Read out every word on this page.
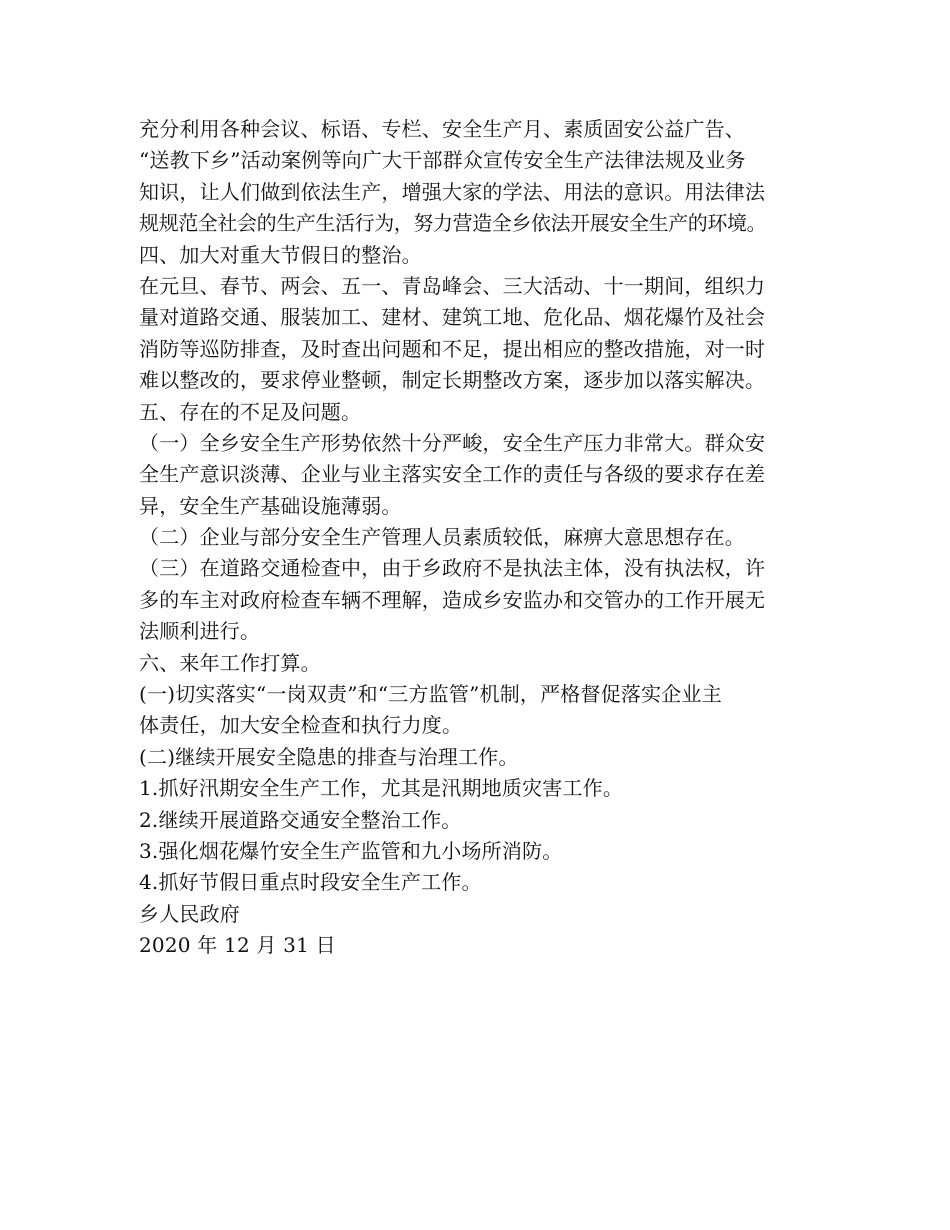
充分利用各种会议、标语、专栏、安全生产月、素质固安公益广告、
“送教下乡”活动案例等向广大干部群众宣传安全生产法律法规及业务
知识，让人们做到依法生产，增强大家的学法、用法的意识。用法律法
规规范全社会的生产生活行为，努力营造全乡依法开展安全生产的环境。
四、加大对重大节假日的整治。
在元旦、春节、两会、五一、青岛峰会、三大活动、十一期间，组织力
量对道路交通、服装加工、建材、建筑工地、危化品、烟花爆竹及社会
消防等巡防排查，及时查出问题和不足，提出相应的整改措施，对一时
难以整改的，要求停业整顿，制定长期整改方案，逐步加以落实解决。
五、存在的不足及问题。
（一）全乡安全生产形势依然十分严峻，安全生产压力非常大。群众安
全生产意识淡薄、企业与业主落实安全工作的责任与各级的要求存在差
异，安全生产基础设施薄弱。
（二）企业与部分安全生产管理人员素质较低，麻痹大意思想存在。
（三）在道路交通检查中，由于乡政府不是执法主体，没有执法权，许
多的车主对政府检查车辆不理解，造成乡安监办和交管办的工作开展无
法顺利进行。
六、来年工作打算。
(一)切实落实“一岗双责”和“三方监管”机制，严格督促落实企业主
体责任，加大安全检查和执行力度。
(二)继续开展安全隐患的排查与治理工作。
1.抓好汛期安全生产工作，尤其是汛期地质灾害工作。
2.继续开展道路交通安全整治工作。
3.强化烟花爆竹安全生产监管和九小场所消防。
4.抓好节假日重点时段安全生产工作。
乡人民政府
2020 年 12 月 31 日
